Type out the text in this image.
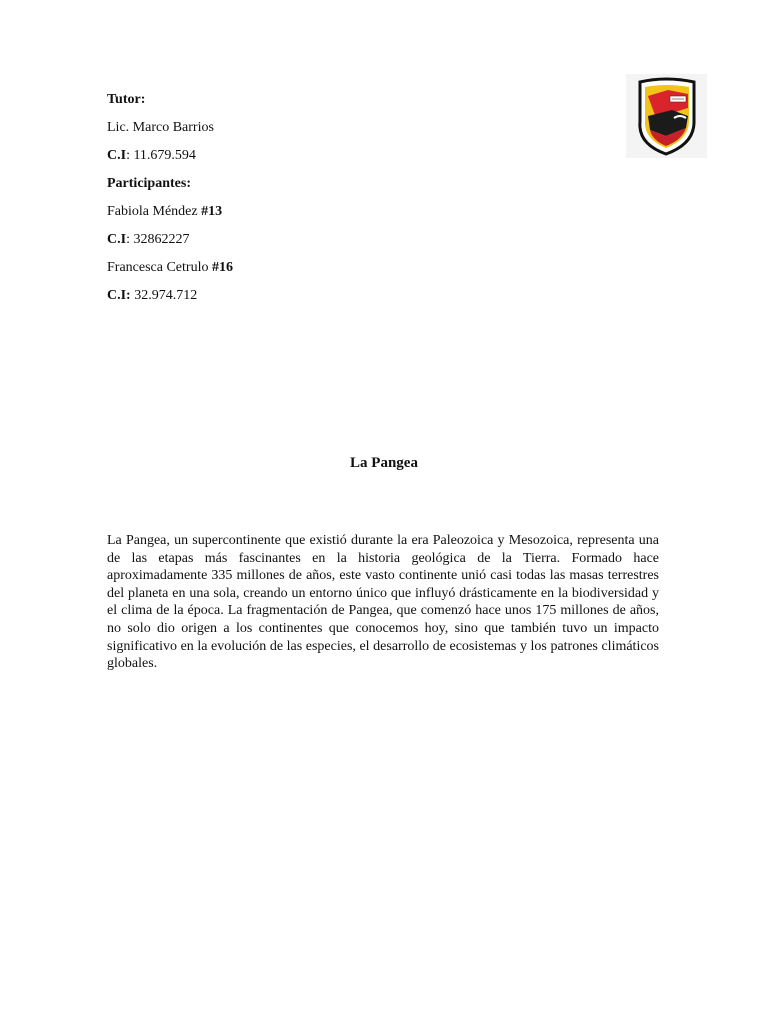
Tutor:
Lic. Marco Barrios
C.I: 11.679.594
Participantes:
Fabiola Méndez #13
C.I: 32862227
Francesca Cetrulo #16
C.I: 32.974.712
La Pangea
La Pangea, un supercontinente que existió durante la era Paleozoica y Mesozoica, representa una de las etapas más fascinantes en la historia geológica de la Tierra. Formado hace aproximadamente 335 millones de años, este vasto continente unió casi todas las masas terrestres del planeta en una sola, creando un entorno único que influyó drásticamente en la biodiversidad y el clima de la época. La fragmentación de Pangea, que comenzó hace unos 175 millones de años, no solo dio origen a los continentes que conocemos hoy, sino que también tuvo un impacto significativo en la evolución de las especies, el desarrollo de ecosistemas y los patrones climáticos globales.
